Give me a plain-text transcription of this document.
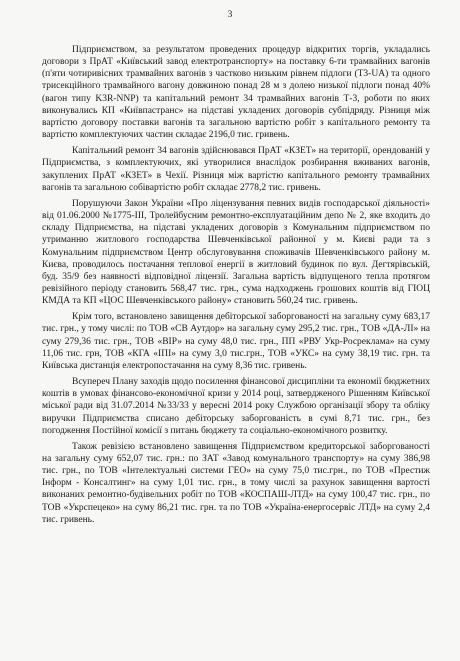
3

Підприємством, за результатом проведених процедур відкритих торгів, укладались договори з ПрАТ «Київський завод електротранспорту» на поставку 6-ти трамвайних вагонів (п'яти чотиривісних трамвайних вагонів з частково низьким рівнем підлоги (T3-UA) та одного трисекційного трамвайного вагону довжиною понад 28 м з долею низької підлоги понад 40% (вагон типу K3R-NNP) та капітальний ремонт 34 трамвайних вагонів Т-3, роботи по яких виконувались КП «Київпастранс» на підставі укладених договорів субпідряду. Різниця між вартістю договору поставки вагонів та загальною вартістю робіт з капітального ремонту та вартістю комплектуючих частин складає 2196,0 тис. гривень.

Капітальний ремонт 34 вагонів здійснювався ПрАТ «КЗЕТ» на території, орендованій у Підприємства, з комплектуючих, які утворилися внаслідок розбирання вживаних вагонів, закуплених ПрАТ «КЗЕТ» в Чехії. Різниця між вартістю капітального ремонту трамвайних вагонів та загальною собівартістю робіт складає 2778,2 тис. гривень.

Порушуючи Закон України «Про ліцензування певних видів господарської діяльності» від 01.06.2000 №1775-III, Тролейбусним ремонтно-експлуатаційним депо № 2, яке входить до складу Підприємства, на підставі укладених договорів з Комунальним підприємством по утриманню житлового господарства Шевченківської районної у м. Києві ради та з Комунальним підприємством Центр обслуговування споживачів Шевченківського району м. Києва, проводилось постачання теплової енергії в житловий будинок по вул. Дегтярівській, буд. 35/9 без наявності відповідної ліцензії. Загальна вартість відпущеного тепла протягом ревізійного періоду становить 568,47 тис. грн., сума надходжень грошових коштів від ГІОЦ КМДА та КП «ЦОС Шевченківського району» становить 560,24 тис. гривень.

Крім того, встановлено завищення дебіторської заборгованості на загальну суму 683,17 тис. грн., у тому числі: по ТОВ «СВ Аутдор» на загальну суму 295,2 тис. грн., ТОВ «ДА-ЛІ» на суму 279,36 тис. грн., ТОВ «ВІР» на суму 48,0 тис. грн., ПП «РВУ Укр-Росрекламa» на суму 11,06 тис. грн, ТОВ «КГА «ІПІ» на суму 3,0 тис.грн., ТОВ «УКС» на суму 38,19 тис. грн. та Київська дистанція електропостачання на суму 8,36 тис. гривень.

Всупереч Плану заходів щодо посилення фінансової дисципліни та економії бюджетних коштів в умовах фінансово-економічної кризи у 2014 році, затвердженого Рішенням Київської міської ради від 31.07.2014 №33/33 у вересні 2014 року Службою організації збору та обліку виручки Підприємства списано дебіторську заборгованість в сумі 8,71 тис. грн., без погодження Постійної комісії з питань бюджету та соціально-економічного розвитку.

Також ревізією встановлено завищення Підприємством кредиторської заборгованості на загальну суму 652,07 тис. грн.: по ЗАТ «Завод комунального транспорту» на суму 386,98 тис. грн., по ТОВ «Інтелектуальні системи ГЕО» на суму 75,0 тис.грн., по ТОВ «Престиж Інформ - Консалтинг» на суму 1,01 тис. грн., в тому числі за рахунок завищення вартості виконаних ремонтно-будівельних робіт по ТОВ «КОСПАШ-ЛТД» на суму 100,47 тис. грн., по ТОВ «Укрспецеко» на суму 86,21 тис. грн. та по ТОВ «Україна-енергосервіс ЛТД» на суму 2,4 тис. гривень.
